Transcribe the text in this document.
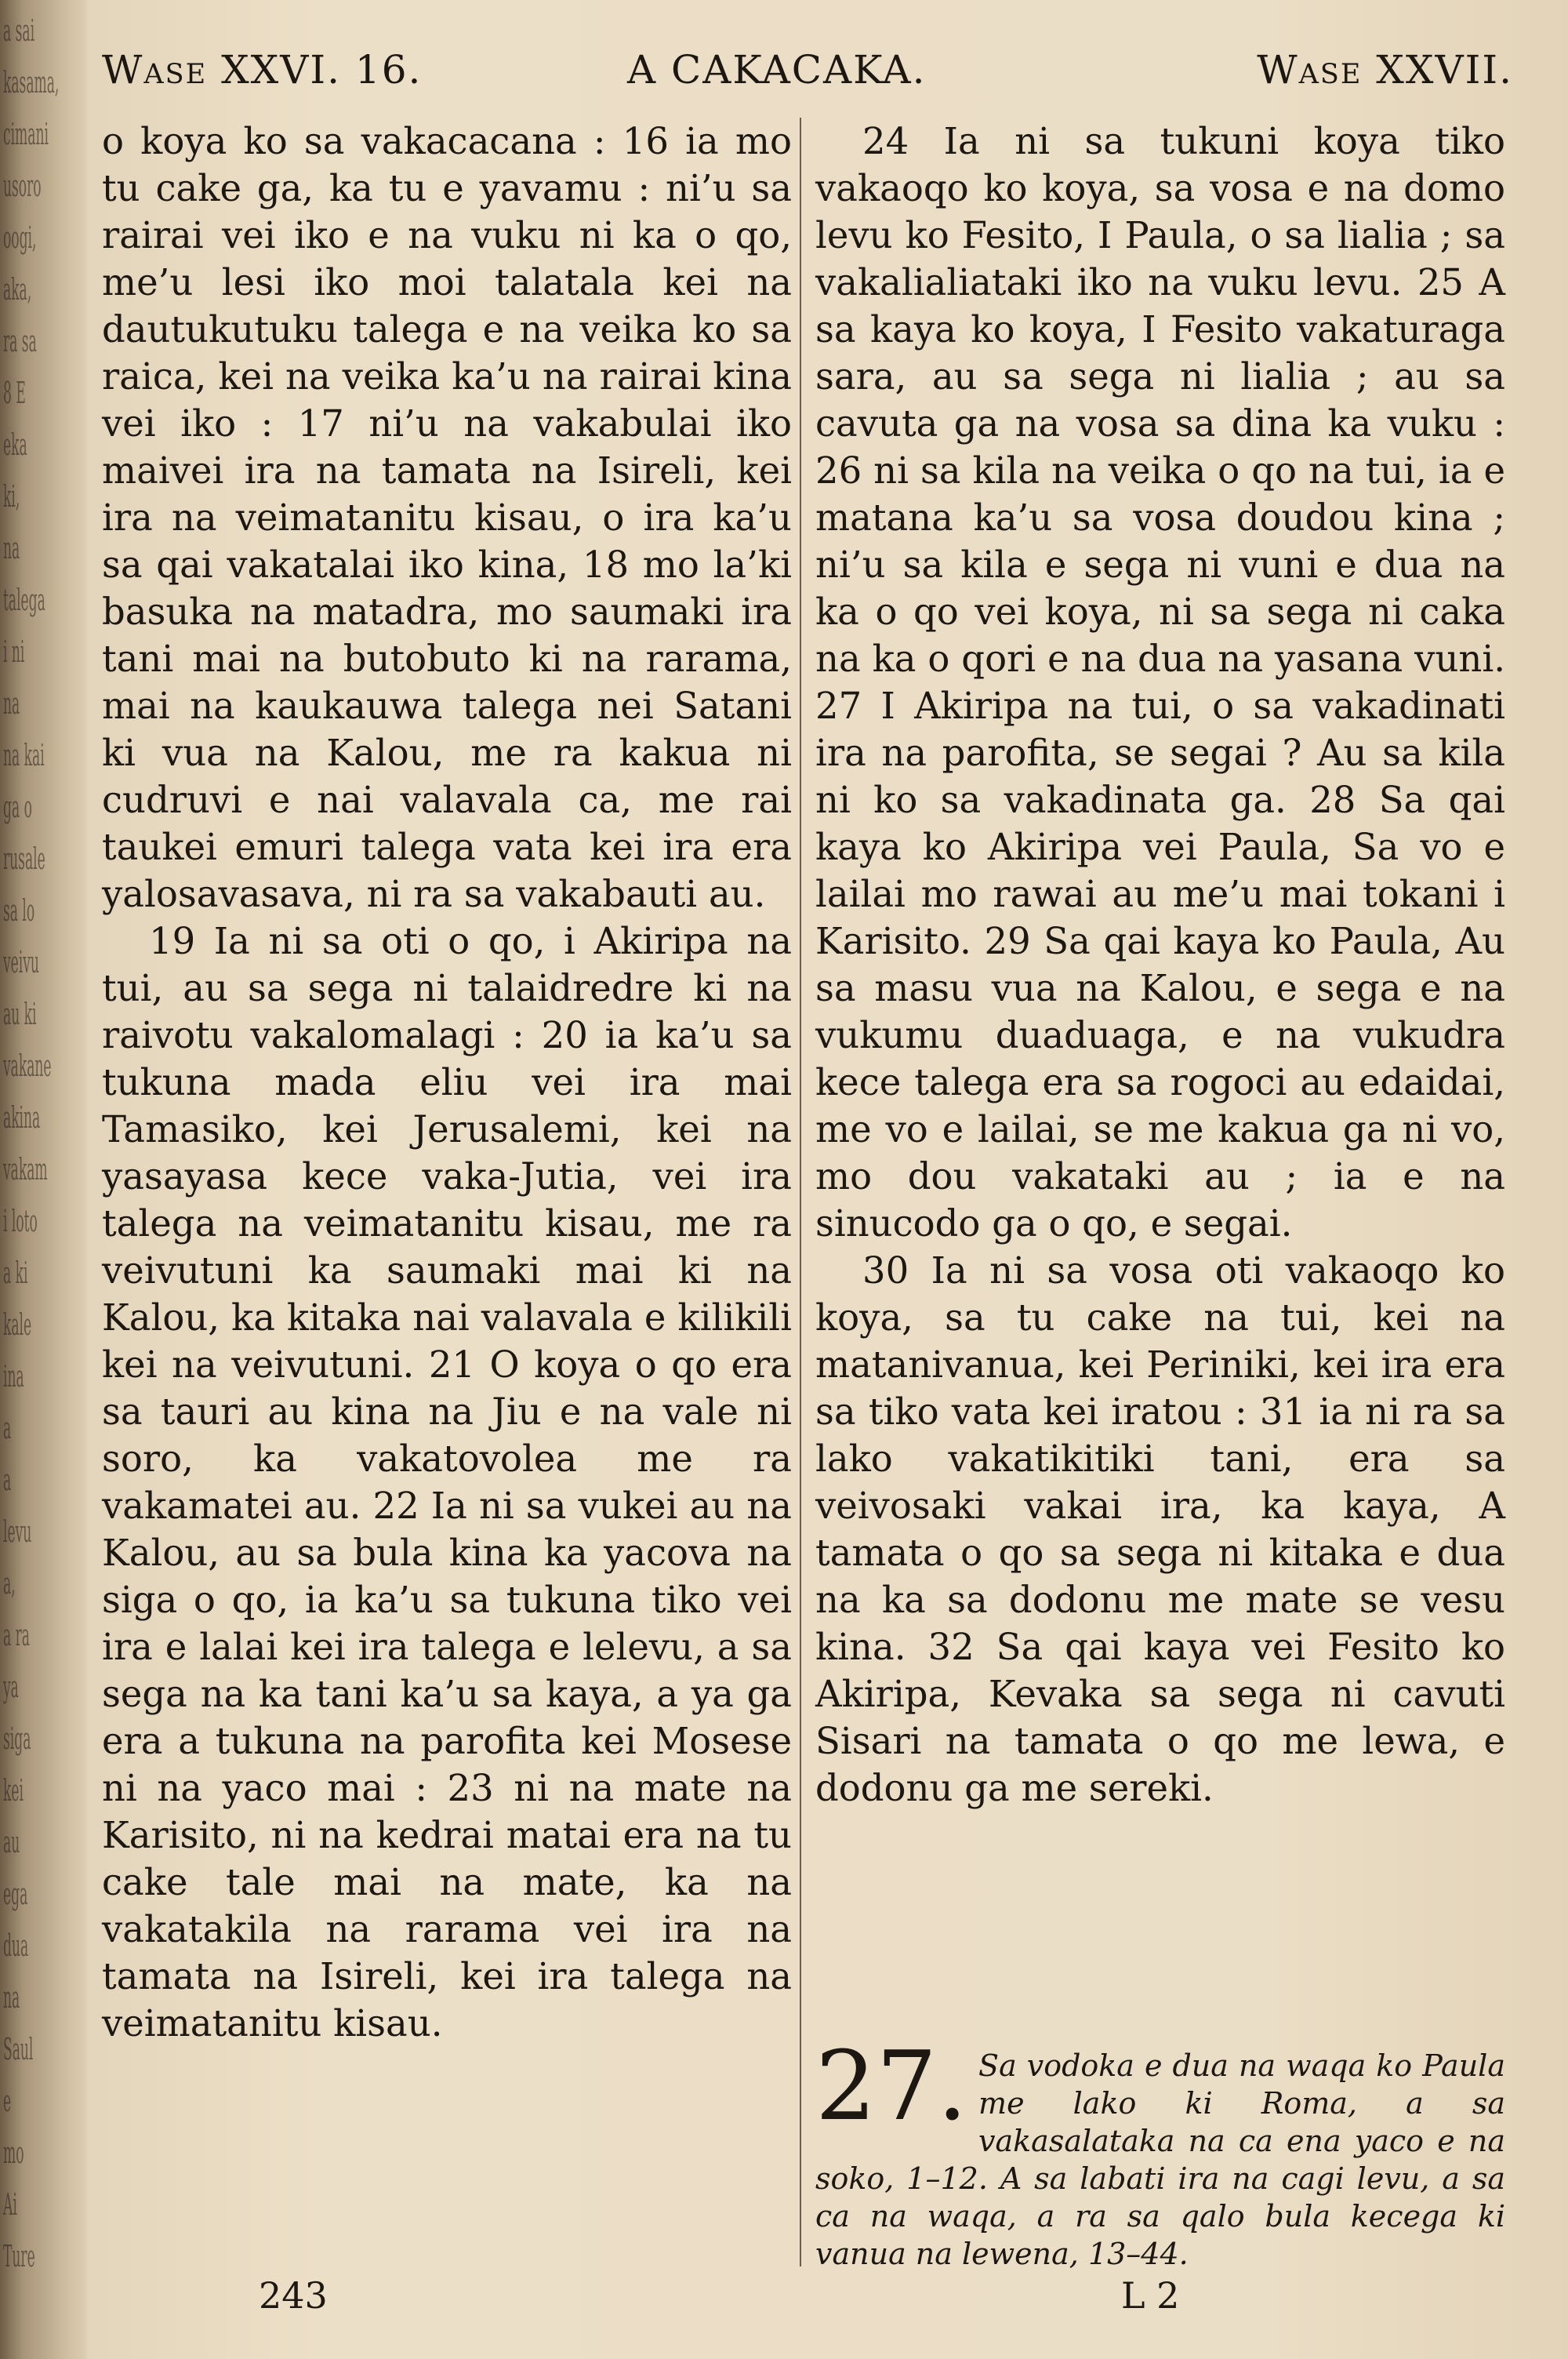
a sai
kasama,
cimani
usoro
oogi,
aka,
ra sa
8 E
eka
ki,
na
talega
i ni
na
na kai
ga o
rusale
sa lo
veivu
au ki
vakane
akina
vakam
i loto
a ki
kale
ina
a
a
levu
a,
a ra
ya
siga
kei
au
ega
dua
na
Saul
e
mo
Ai
Ture
Wase XXVI. 16.	A CAKACAKA.	Wase XXVII.

o koya ko sa vakacacana : 16 ia mo tu cake ga, ka tu e yavamu : ni’u sa rairai vei iko e na vuku ni ka o qo, me’u lesi iko moi talatala kei na dautukutuku talega e na veika ko sa raica, kei na veika ka’u na rairai kina vei iko : 17 ni’u na vakabulai iko maivei ira na tamata na Isireli, kei ira na veimatanitu kisau, o ira ka’u sa qai vakatalai iko kina, 18 mo la’ki basuka na matadra, mo saumaki ira tani mai na butobuto ki na rarama, mai na kaukauwa talega nei Satani ki vua na Kalou, me ra kakua ni cudruvi e nai valavala ca, me rai taukei emuri talega vata kei ira era yalosavasava, ni ra sa vakabauti au.

19 Ia ni sa oti o qo, i Akiripa na tui, au sa sega ni talaidredre ki na raivotu vakalomalagi : 20 ia ka’u sa tukuna mada eliu vei ira mai Tamasiko, kei Jerusalemi, kei na yasayasa kece vaka-Jutia, vei ira talega na veimatanitu kisau, me ra veivutuni ka saumaki mai ki na Kalou, ka kitaka nai valavala e kilikili kei na veivutuni. 21 O koya o qo era sa tauri au kina na Jiu e na vale ni soro, ka vakatovolea me ra vakamatei au. 22 Ia ni sa vukei au na Kalou, au sa bula kina ka yacova na siga o qo, ia ka’u sa tukuna tiko vei ira e lalai kei ira talega e lelevu, a sa sega na ka tani ka’u sa kaya, a ya ga era a tukuna na parofita kei Mosese ni na yaco mai : 23 ni na mate na Karisito, ni na kedrai matai era na tu cake tale mai na mate, ka na vakatakila na rarama vei ira na tamata na Isireli, kei ira talega na veimatanitu kisau.

24 Ia ni sa tukuni koya tiko vakaoqo ko koya, sa vosa e na domo levu ko Fesito, I Paula, o sa lialia ; sa vakalialiataki iko na vuku levu. 25 A sa kaya ko koya, I Fesito vakaturaga sara, au sa sega ni lialia ; au sa cavuta ga na vosa sa dina ka vuku : 26 ni sa kila na veika o qo na tui, ia e matana ka’u sa vosa doudou kina ; ni’u sa kila e sega ni vuni e dua na ka o qo vei koya, ni sa sega ni caka na ka o qori e na dua na yasana vuni. 27 I Akiripa na tui, o sa vakadinati ira na parofita, se segai ? Au sa kila ni ko sa vakadinata ga. 28 Sa qai kaya ko Akiripa vei Paula, Sa vo e lailai mo rawai au me’u mai tokani i Karisito. 29 Sa qai kaya ko Paula, Au sa masu vua na Kalou, e sega e na vukumu duaduaga, e na vukudra kece talega era sa rogoci au edaidai, me vo e lailai, se me kakua ga ni vo, mo dou vakataki au ; ia e na sinucodo ga o qo, e segai.

30 Ia ni sa vosa oti vakaoqo ko koya, sa tu cake na tui, kei na matanivanua, kei Periniki, kei ira era sa tiko vata kei iratou : 31 ia ni ra sa lako vakatikitiki tani, era sa veivosaki vakai ira, ka kaya, A tamata o qo sa sega ni kitaka e dua na ka sa dodonu me mate se vesu kina. 32 Sa qai kaya vei Fesito ko Akiripa, Kevaka sa sega ni cavuti Sisari na tamata o qo me lewa, e dodonu ga me sereki.

27. Sa vodoka e dua na waqa ko Paula me lako ki Roma, a sa vakasalataka na ca ena yaco e na soko, 1–12. A sa labati ira na cagi levu, a sa ca na waqa, a ra sa qalo bula kecega ki vanua na lewena, 13–44.
243	L 2
